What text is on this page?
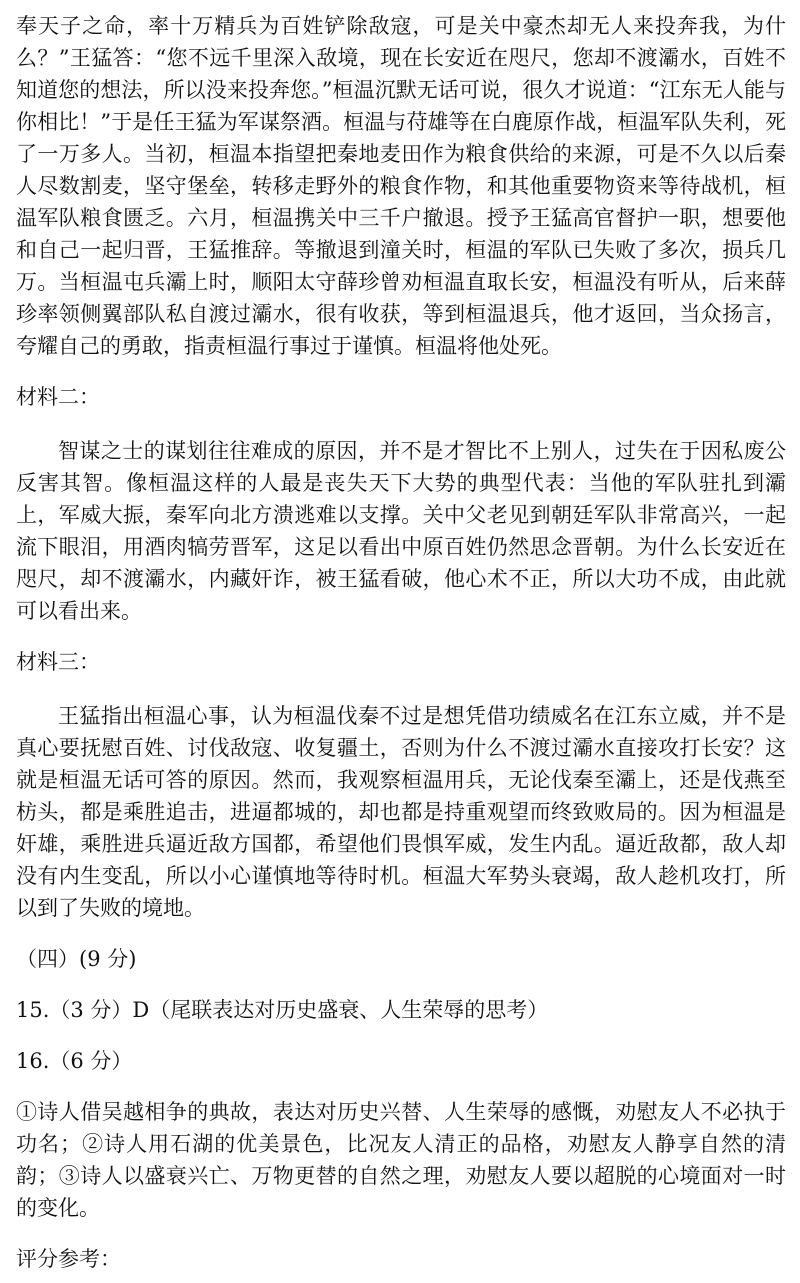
奉天子之命，率十万精兵为百姓铲除敌寇，可是关中豪杰却无人来投奔我，为什么？”王猛答：“您不远千里深入敌境，现在长安近在咫尺，您却不渡灞水，百姓不知道您的想法，所以没来投奔您。”桓温沉默无话可说，很久才说道：“江东无人能与你相比！”于是任王猛为军谋祭酒。桓温与苻雄等在白鹿原作战，桓温军队失利，死了一万多人。当初，桓温本指望把秦地麦田作为粮食供给的来源，可是不久以后秦人尽数割麦，坚守堡垒，转移走野外的粮食作物，和其他重要物资来等待战机，桓温军队粮食匮乏。六月，桓温携关中三千户撤退。授予王猛高官督护一职，想要他和自己一起归晋，王猛推辞。等撤退到潼关时，桓温的军队已失败了多次，损兵几万。当桓温屯兵灞上时，顺阳太守薛珍曾劝桓温直取长安，桓温没有听从，后来薛珍率领侧翼部队私自渡过灞水，很有收获，等到桓温退兵，他才返回，当众扬言，夸耀自己的勇敢，指责桓温行事过于谨慎。桓温将他处死。

材料二：

智谋之士的谋划往往难成的原因，并不是才智比不上别人，过失在于因私废公反害其智。像桓温这样的人最是丧失天下大势的典型代表：当他的军队驻扎到灞上，军威大振，秦军向北方溃逃难以支撑。关中父老见到朝廷军队非常高兴，一起流下眼泪，用酒肉犒劳晋军，这足以看出中原百姓仍然思念晋朝。为什么长安近在咫尺，却不渡灞水，内藏奸诈，被王猛看破，他心术不正，所以大功不成，由此就可以看出来。

材料三：

王猛指出桓温心事，认为桓温伐秦不过是想凭借功绩威名在江东立威，并不是真心要抚慰百姓、讨伐敌寇、收复疆土，否则为什么不渡过灞水直接攻打长安？这就是桓温无话可答的原因。然而，我观察桓温用兵，无论伐秦至灞上，还是伐燕至枋头，都是乘胜追击，进逼都城的，却也都是持重观望而终致败局的。因为桓温是奸雄，乘胜进兵逼近敌方国都，希望他们畏惧军威，发生内乱。逼近敌都，敌人却没有内生变乱，所以小心谨慎地等待时机。桓温大军势头衰竭，敌人趁机攻打，所以到了失败的境地。

（四）(9 分)

15.（3 分）D（尾联表达对历史盛衰、人生荣辱的思考）

16.（6 分）

①诗人借吴越相争的典故，表达对历史兴替、人生荣辱的感慨，劝慰友人不必执于功名；②诗人用石湖的优美景色，比况友人清正的品格，劝慰友人静享自然的清韵；③诗人以盛衰兴亡、万物更替的自然之理，劝慰友人要以超脱的心境面对一时的变化。

评分参考：
